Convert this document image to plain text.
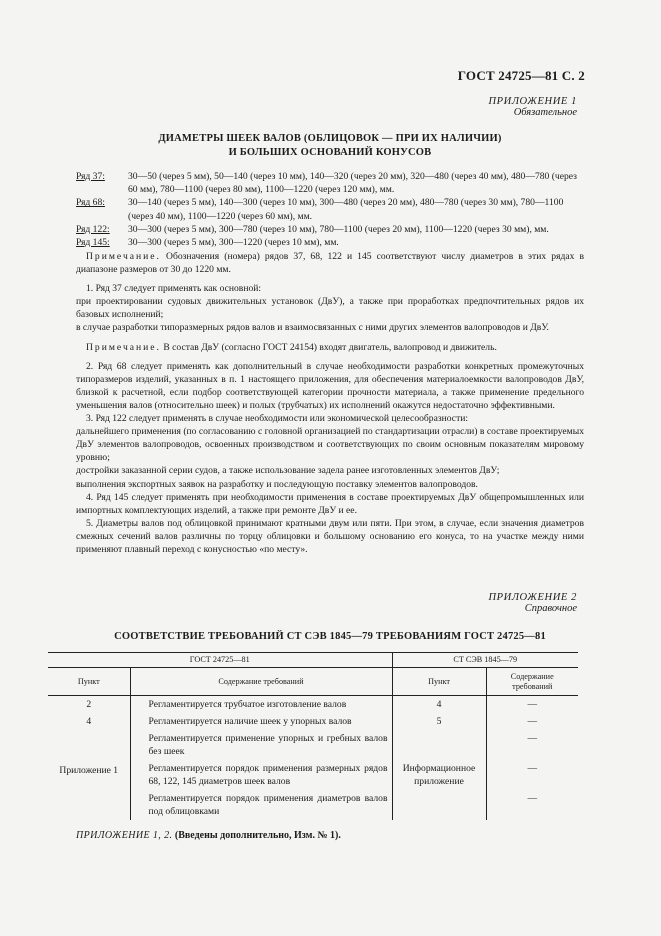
ГОСТ 24725—81 С. 2
ПРИЛОЖЕНИЕ 1
Обязательное
ДИАМЕТРЫ ШЕЕК ВАЛОВ (ОБЛИЦОВОК — ПРИ ИХ НАЛИЧИИ)
И БОЛЬШИХ ОСНОВАНИЙ КОНУСОВ
Ряд 37:	30—50 (через 5 мм), 50—140 (через 10 мм), 140—320 (через 20 мм), 320—480 (через 40 мм), 480—780 (через 60 мм), 780—1100 (через 80 мм), 1100—1220 (через 120 мм), мм.
Ряд 68:	30—140 (через 5 мм), 140—300 (через 10 мм), 300—480 (через 20 мм), 480—780 (через 30 мм), 780—1100 (через 40 мм), 1100—1220 (через 60 мм), мм.
Ряд 122:	30—300 (через 5 мм), 300—780 (через 10 мм), 780—1100 (через 20 мм), 1100—1220 (через 30 мм), мм.
Ряд 145:	30—300 (через 5 мм), 300—1220 (через 10 мм), мм.

Примечание. Обозначения (номера) рядов 37, 68, 122 и 145 соответствуют числу диаметров в этих рядах в диапазоне размеров от 30 до 1220 мм.

1. Ряд 37 следует применять как основной:

при проектировании судовых движительных установок (ДвУ), а также при проработках предпочтительных рядов их базовых исполнений;

в случае разработки типоразмерных рядов валов и взаимосвязанных с ними других элементов валопроводов и ДвУ.

Примечание. В состав ДвУ (согласно ГОСТ 24154) входят двигатель, валопровод и движитель.

2. Ряд 68 следует применять как дополнительный в случае необходимости разработки конкретных промежуточных типоразмеров изделий, указанных в п. 1 настоящего приложения, для обеспечения материалоемкости валопроводов ДвУ, близкой к расчетной, если подбор соответствующей категории прочности материала, а также применение предельного уменьшения валов (относительно шеек) и полых (трубчатых) их исполнений окажутся недостаточно эффективными.

3. Ряд 122 следует применять в случае необходимости или экономической целесообразности:

дальнейшего применения (по согласованию с головной организацией по стандартизации отрасли) в составе проектируемых ДвУ элементов валопроводов, освоенных производством и соответствующих по своим основным показателям мировому уровню;

достройки заказанной серии судов, а также использование задела ранее изготовленных элементов ДвУ;

выполнения экспортных заявок на разработку и последующую поставку элементов валопроводов.

4. Ряд 145 следует применять при необходимости применения в составе проектируемых ДвУ общепромышленных или импортных комплектующих изделий, а также при ремонте ДвУ и ее.

5. Диаметры валов под облицовкой принимают кратными двум или пяти. При этом, в случае, если значения диаметров смежных сечений валов различны по торцу облицовки и большому основанию его конуса, то на участке между ними применяют плавный переход с конусностью «по месту».

ПРИЛОЖЕНИЕ 2
Справочное
СООТВЕТСТВИЕ ТРЕБОВАНИЙ СТ СЭВ 1845—79 ТРЕБОВАНИЯМ ГОСТ 24725—81
ГОСТ 24725—81		СТ СЭВ 1845—79	
Пункт	Содержание требований	Пункт	Содержание
требований

2	Регламентируется трубчатое изготовление валов	4	—
4	Регламентируется наличие шеек у упорных валов	5	—
	Регламентируется применение упорных и гребных валов без шеек		—
Приложение 1	Регламентируется порядок применения размерных рядов 68, 122, 145 диаметров шеек валов	Информационное приложение	—
	Регламентируется порядок применения диаметров валов под облицовками		—
ПРИЛОЖЕНИЕ 1, 2. (Введены дополнительно, Изм. № 1).
